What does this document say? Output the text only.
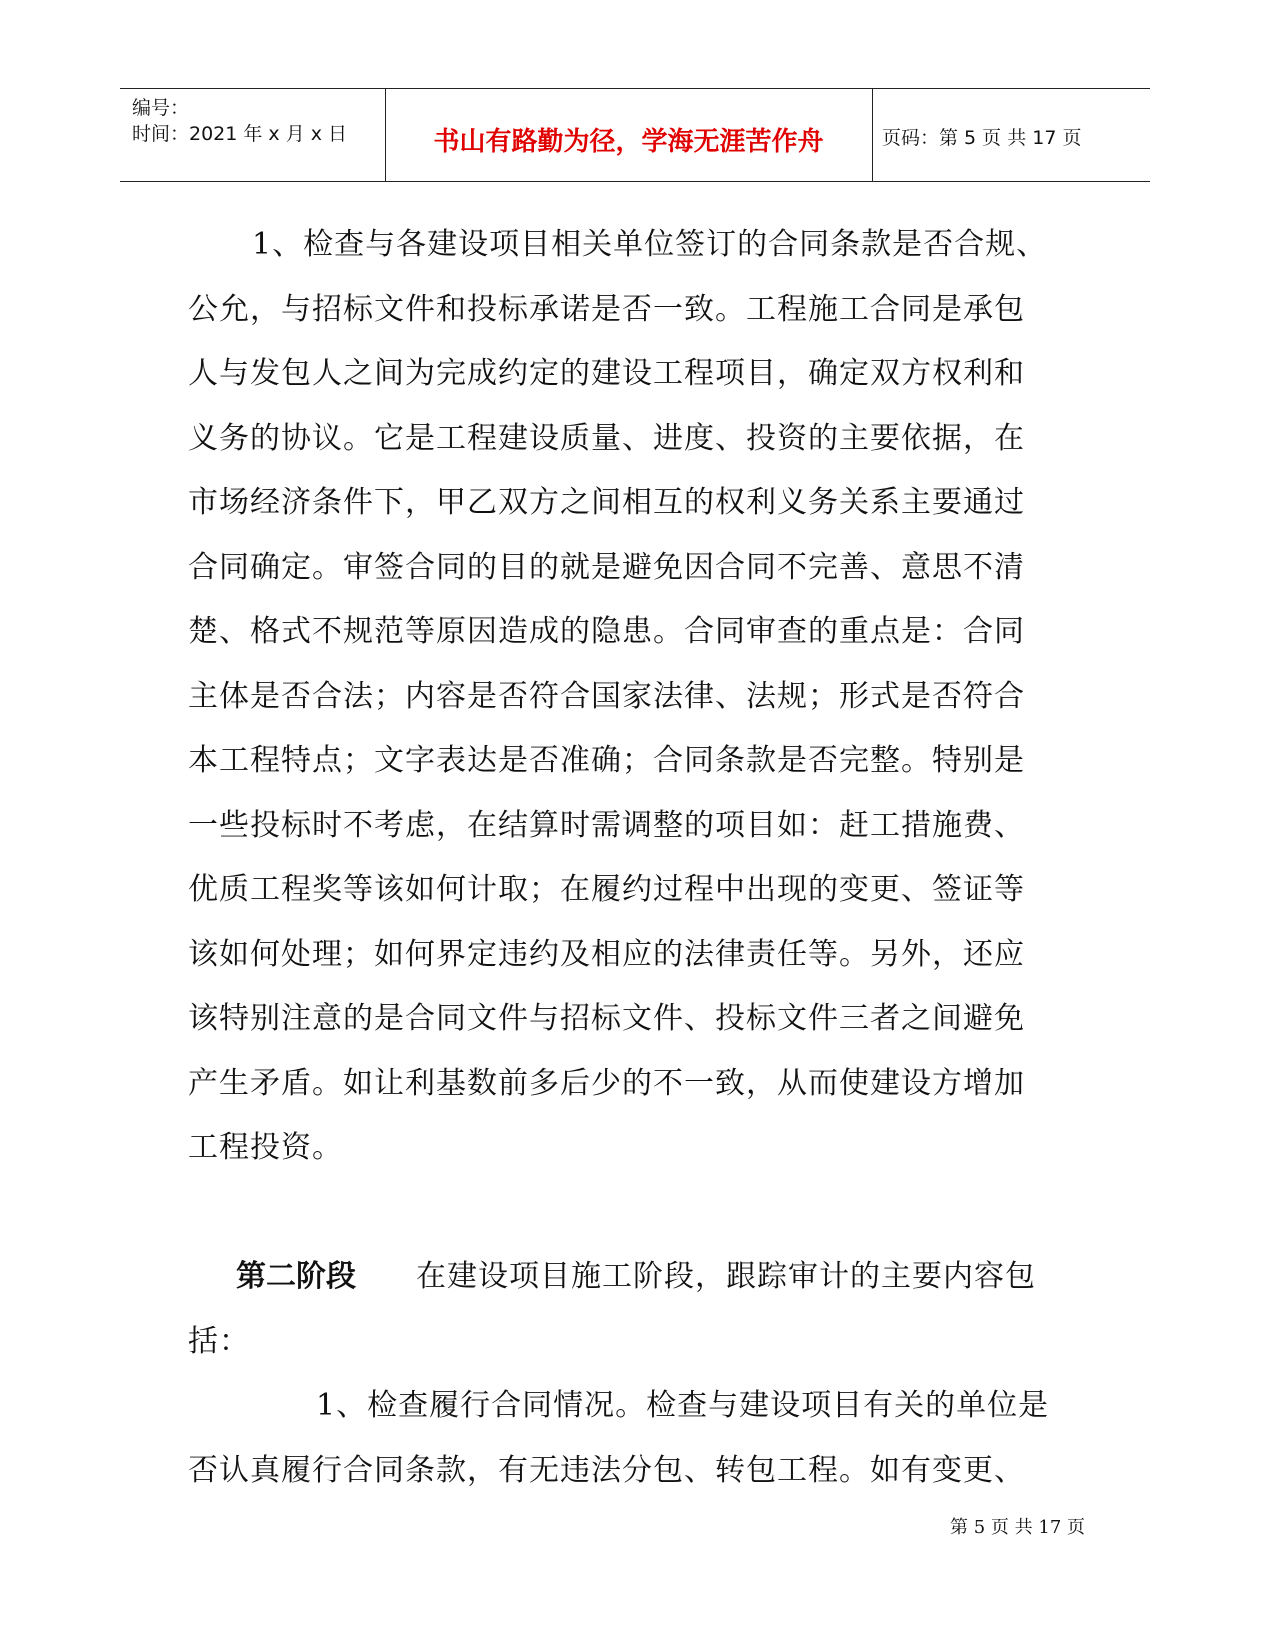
编号：
时间：2021 年 x 月 x 日	书山有路勤为径，学海无涯苦作舟	页码：第 5 页 共 17 页
1、检查与各建设项目相关单位签订的合同条款是否合规、
公允，与招标文件和投标承诺是否一致。工程施工合同是承包
人与发包人之间为完成约定的建设工程项目，确定双方权利和
义务的协议。它是工程建设质量、进度、投资的主要依据，在
市场经济条件下，甲乙双方之间相互的权利义务关系主要通过
合同确定。审签合同的目的就是避免因合同不完善、意思不清
楚、格式不规范等原因造成的隐患。合同审查的重点是：合同
主体是否合法；内容是否符合国家法律、法规；形式是否符合
本工程特点；文字表达是否准确；合同条款是否完整。特别是
一些投标时不考虑，在结算时需调整的项目如：赶工措施费、
优质工程奖等该如何计取；在履约过程中出现的变更、签证等
该如何处理；如何界定违约及相应的法律责任等。另外，还应
该特别注意的是合同文件与招标文件、投标文件三者之间避免
产生矛盾。如让利基数前多后少的不一致，从而使建设方增加
工程投资。
第二阶段 在建设项目施工阶段，跟踪审计的主要内容包
括：
1、检查履行合同情况。检查与建设项目有关的单位是
否认真履行合同条款，有无违法分包、转包工程。如有变更、
第 5 页 共 17 页
